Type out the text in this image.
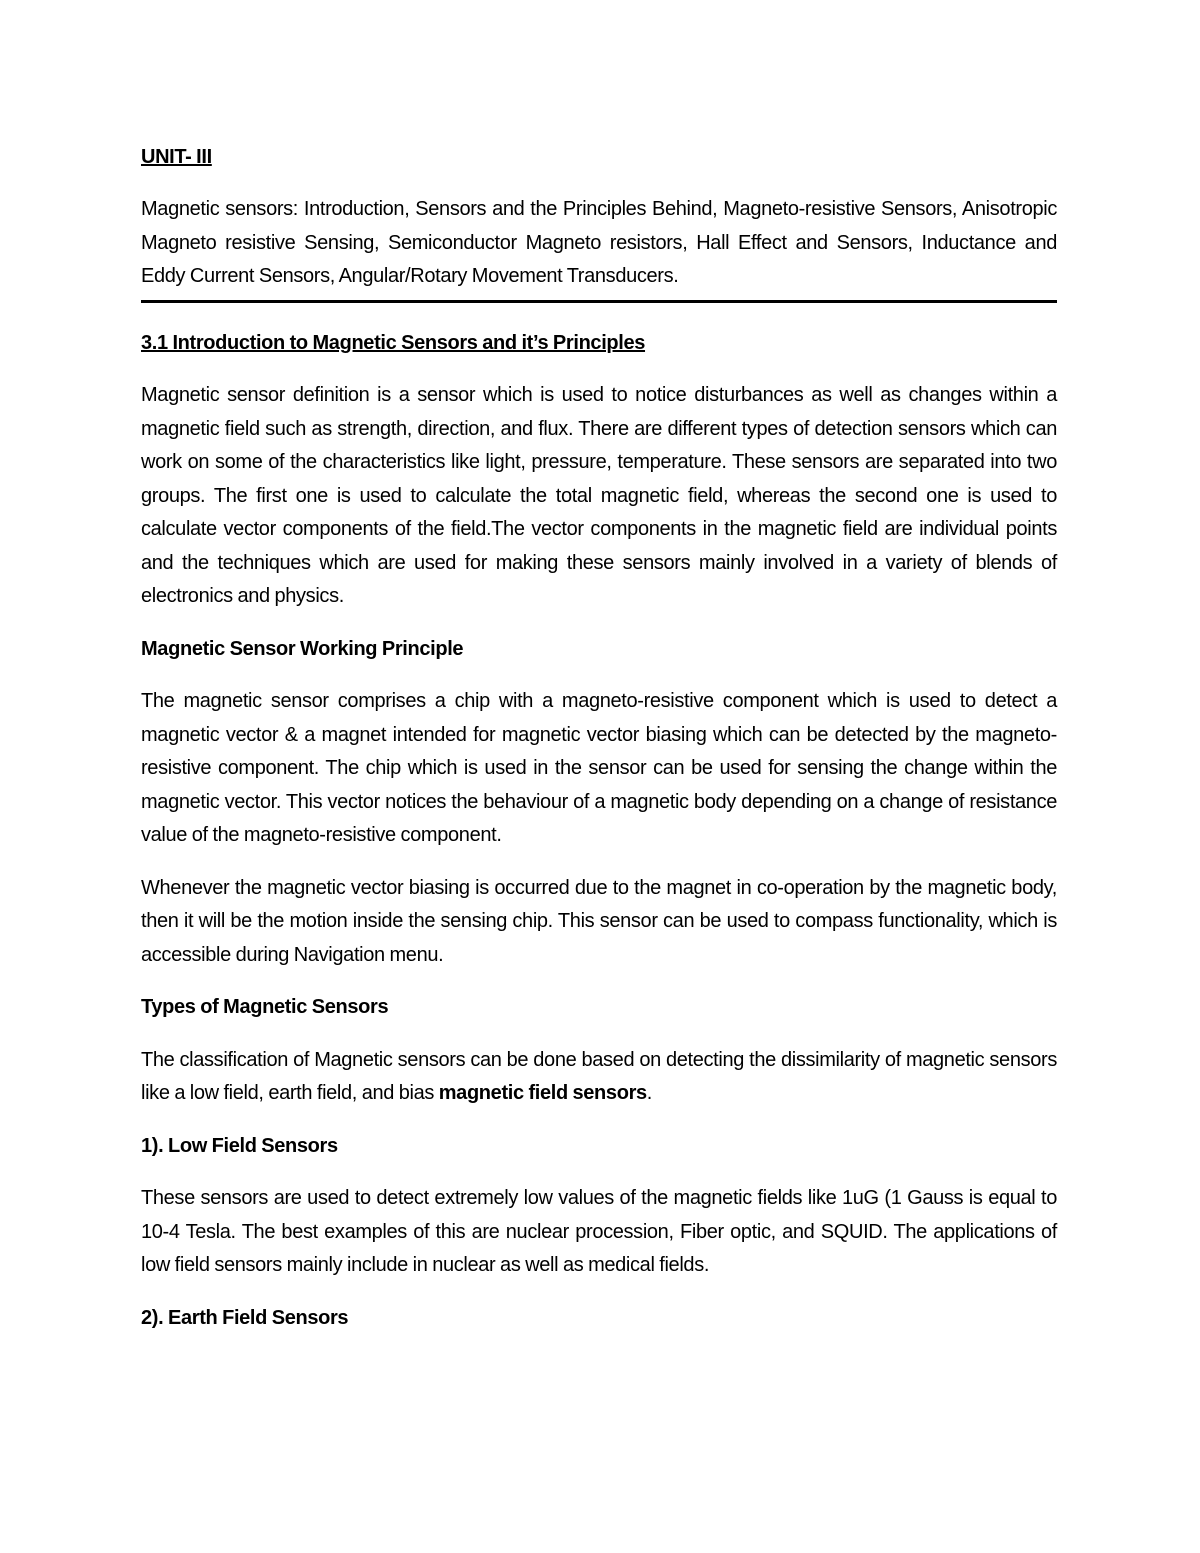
UNIT- III

Magnetic sensors: Introduction, Sensors and the Principles Behind, Magneto-resistive Sensors, Anisotropic Magneto resistive Sensing, Semiconductor Magneto resistors, Hall Effect and Sensors, Inductance and Eddy Current Sensors, Angular/Rotary Movement Transducers.

3.1 Introduction to Magnetic Sensors and it’s Principles

Magnetic sensor definition is a sensor which is used to notice disturbances as well as changes within a magnetic field such as strength, direction, and flux. There are different types of detection sensors which can work on some of the characteristics like light, pressure, temperature. These sensors are separated into two groups. The first one is used to calculate the total magnetic field, whereas the second one is used to calculate vector components of the field.The vector components in the magnetic field are individual points and the techniques which are used for making these sensors mainly involved in a variety of blends of electronics and physics.

Magnetic Sensor Working Principle

The magnetic sensor comprises a chip with a magneto-resistive component which is used to detect a magnetic vector & a magnet intended for magnetic vector biasing which can be detected by the magneto-resistive component. The chip which is used in the sensor can be used for sensing the change within the magnetic vector. This vector notices the behaviour of a magnetic body depending on a change of resistance value of the magneto-resistive component.

Whenever the magnetic vector biasing is occurred due to the magnet in co-operation by the magnetic body, then it will be the motion inside the sensing chip. This sensor can be used to compass functionality, which is accessible during Navigation menu.

Types of Magnetic Sensors

The classification of Magnetic sensors can be done based on detecting the dissimilarity of magnetic sensors like a low field, earth field, and bias magnetic field sensors.

1). Low Field Sensors

These sensors are used to detect extremely low values of the magnetic fields like 1uG (1 Gauss is equal to 10-4 Tesla. The best examples of this are nuclear procession, Fiber optic, and SQUID. The applications of low field sensors mainly include in nuclear as well as medical fields.

2). Earth Field Sensors
